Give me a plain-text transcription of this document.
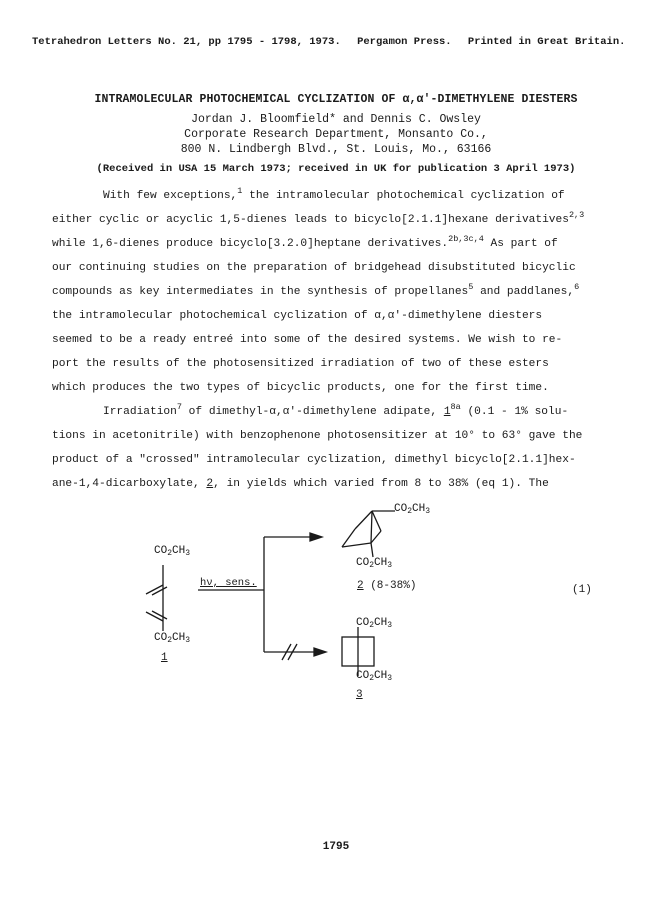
Tetrahedron Letters No. 21, pp 1795 - 1798, 1973. Pergamon Press. Printed in Great Britain.
INTRAMOLECULAR PHOTOCHEMICAL CYCLIZATION OF α,α'-DIMETHYLENE DIESTERS
Jordan J. Bloomfield* and Dennis C. Owsley
Corporate Research Department, Monsanto Co.,
800 N. Lindbergh Blvd., St. Louis, Mo., 63166
(Received in USA 15 March 1973; received in UK for publication 3 April 1973)
With few exceptions,$^1$ the intramolecular photochemical cyclization of
either cyclic or acyclic 1,5-dienes leads to bicyclo[2.1.1]hexane derivatives$^{2,3}$
while 1,6-dienes produce bicyclo[3.2.0]heptane derivatives.$^{2b,3c,4}$ As part of
our continuing studies on the preparation of bridgehead disubstituted bicyclic
compounds as key intermediates in the synthesis of propellanes$^5$ and paddlanes,$^6$
the intramolecular photochemical cyclization of α,α'-dimethylene diesters
seemed to be a ready entreé into some of the desired systems. We wish to re-
port the results of the photosensitized irradiation of two of these esters
which produces the two types of bicyclic products, one for the first time.
Irradiation$^7$ of dimethyl-α,α'-dimethylene adipate, $1^{8a}$ (0.1 - 1% solu-
tions in acetonitrile) with benzophenone photosensitizer at 10° to 63° gave the
product of a "crossed" intramolecular cyclization, dimethyl bicyclo[2.1.1]hex-
ane-1,4-dicarboxylate, 2, in yields which varied from 8 to 38% (eq 1). The
$CO_2CH_3$
$CO_2CH_3$
1
hν, sens.
$CO_2CH_3$
$CO_2CH_3$
2 (8-38%)	(1)
$CO_2CH_3$
$CO_2CH_3$
3
1795
